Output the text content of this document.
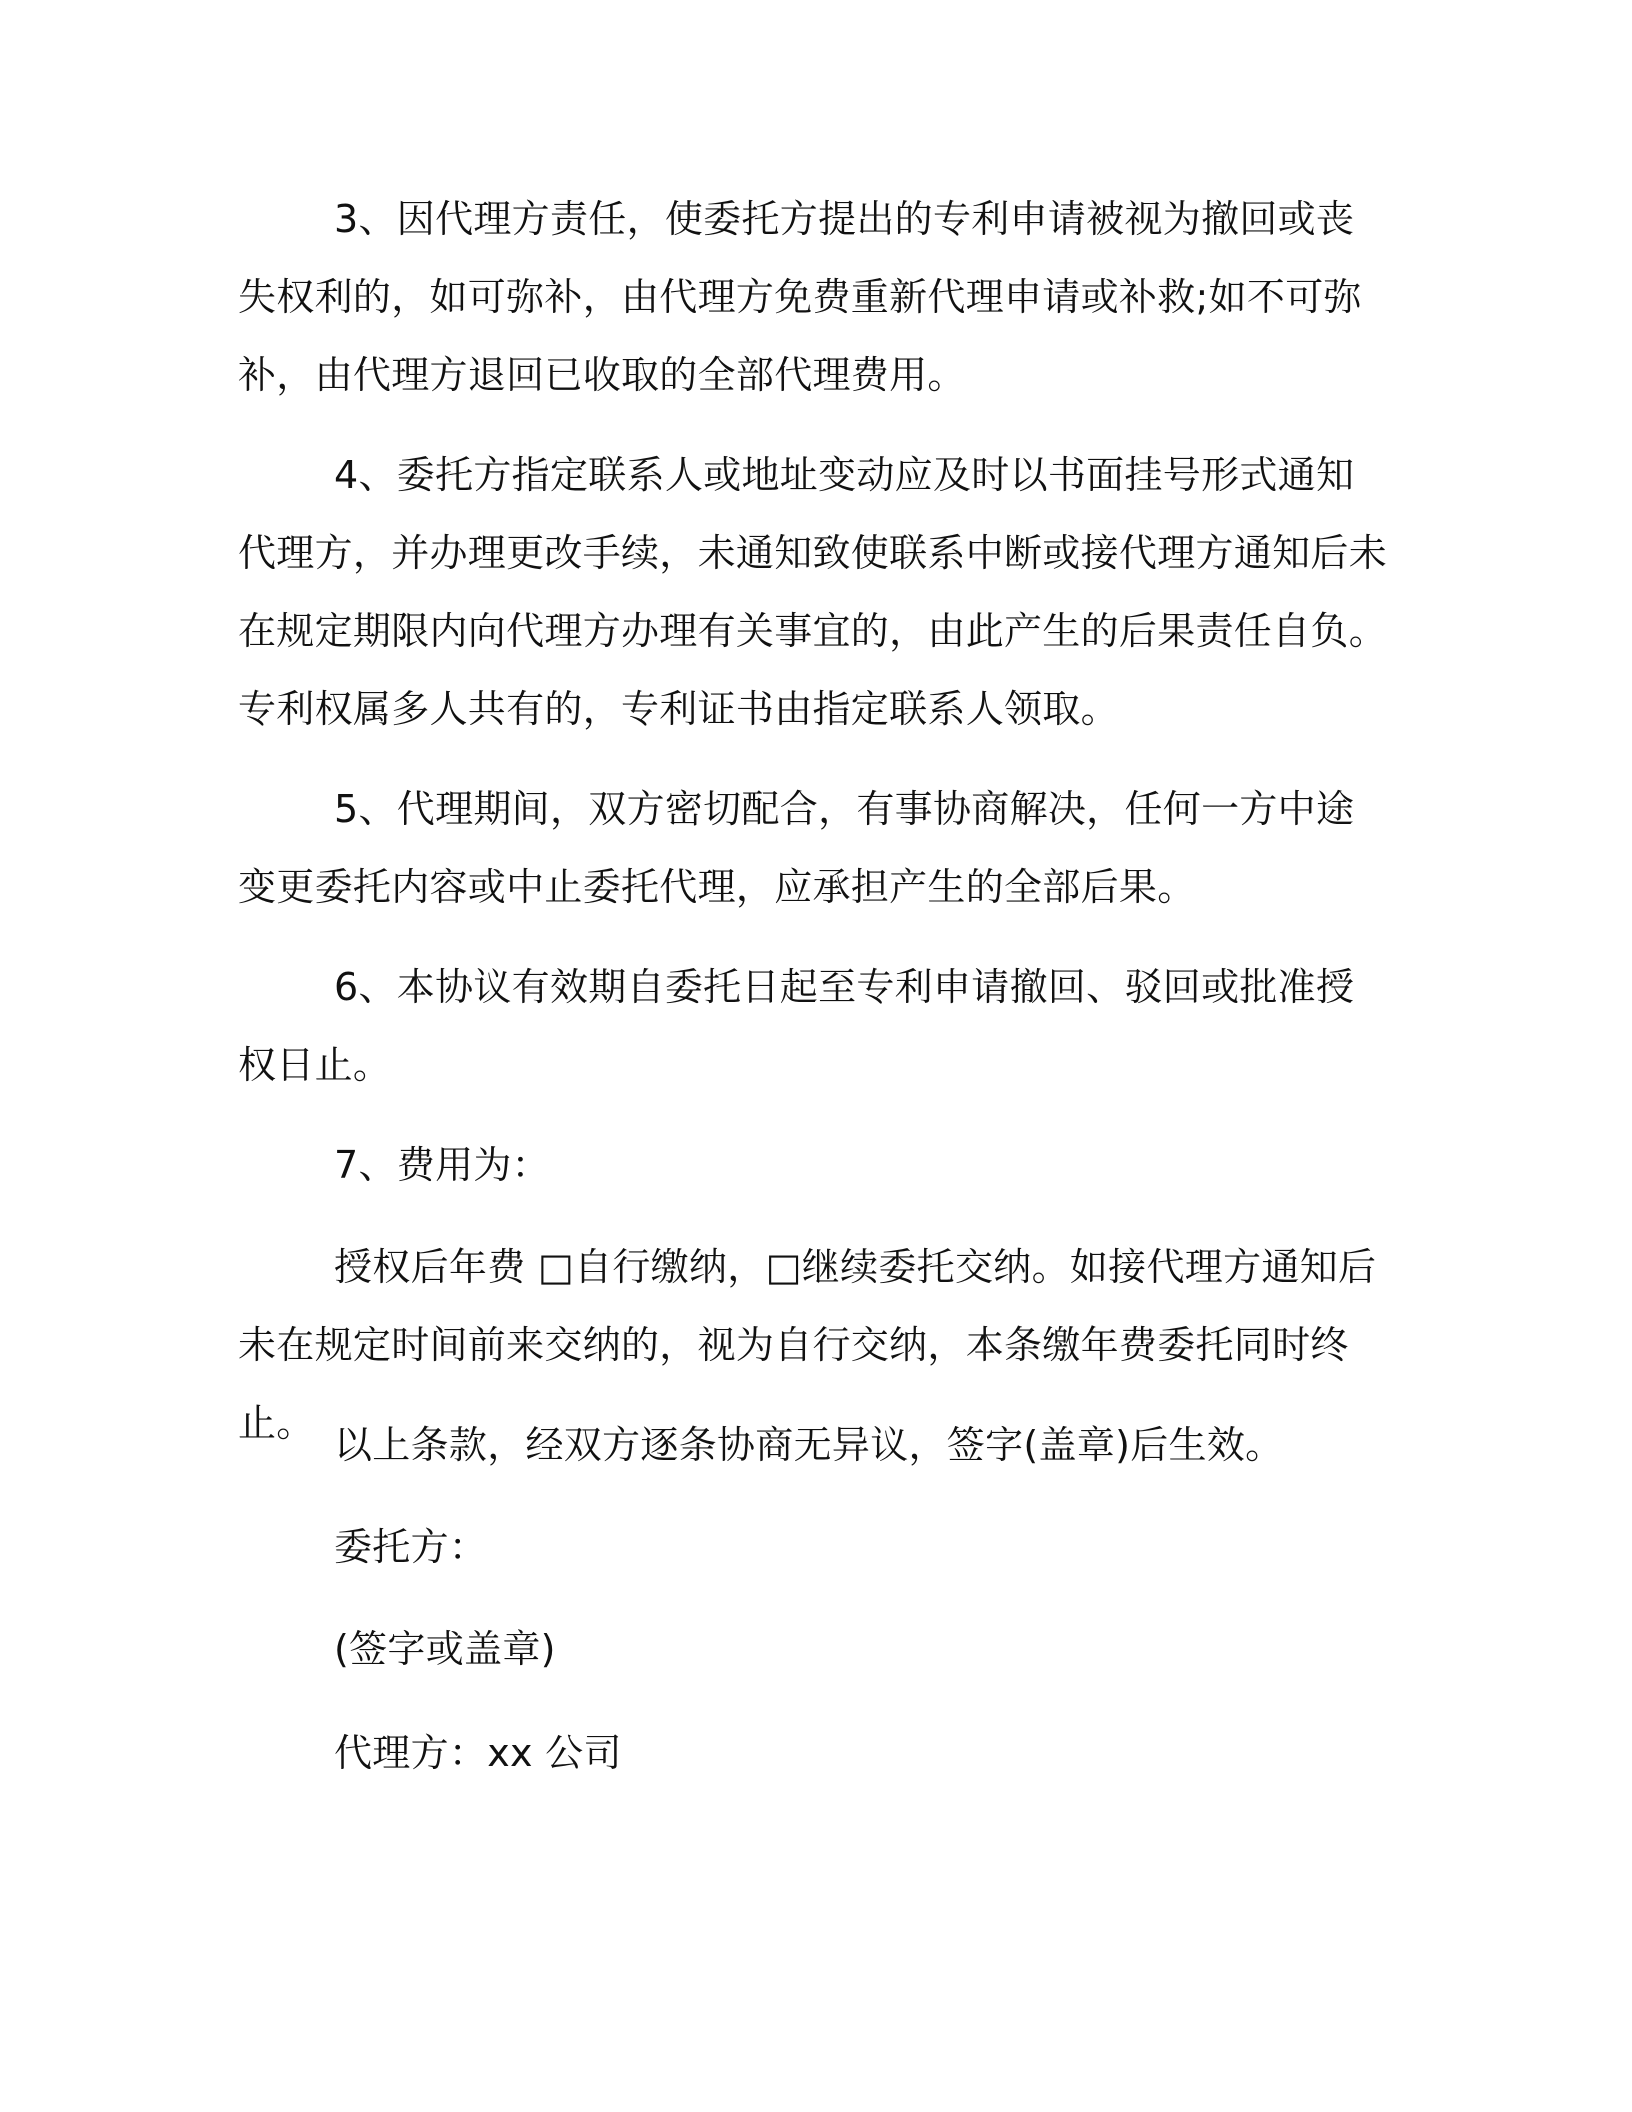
3、因代理方责任，使委托方提出的专利申请被视为撤回或丧失权利的，如可弥补，由代理方免费重新代理申请或补救;如不可弥补，由代理方退回已收取的全部代理费用。

4、委托方指定联系人或地址变动应及时以书面挂号形式通知代理方，并办理更改手续，未通知致使联系中断或接代理方通知后未在规定期限内向代理方办理有关事宜的，由此产生的后果责任自负。专利权属多人共有的，专利证书由指定联系人领取。

5、代理期间，双方密切配合，有事协商解决，任何一方中途变更委托内容或中止委托代理，应承担产生的全部后果。

6、本协议有效期自委托日起至专利申请撤回、驳回或批准授权日止。

7、费用为：

授权后年费 □自行缴纳，□继续委托交纳。如接代理方通知后未在规定时间前来交纳的，视为自行交纳，本条缴年费委托同时终止。 以上条款，经双方逐条协商无异议，签字(盖章)后生效。

委托方：

(签字或盖章)

代理方：xx 公司
